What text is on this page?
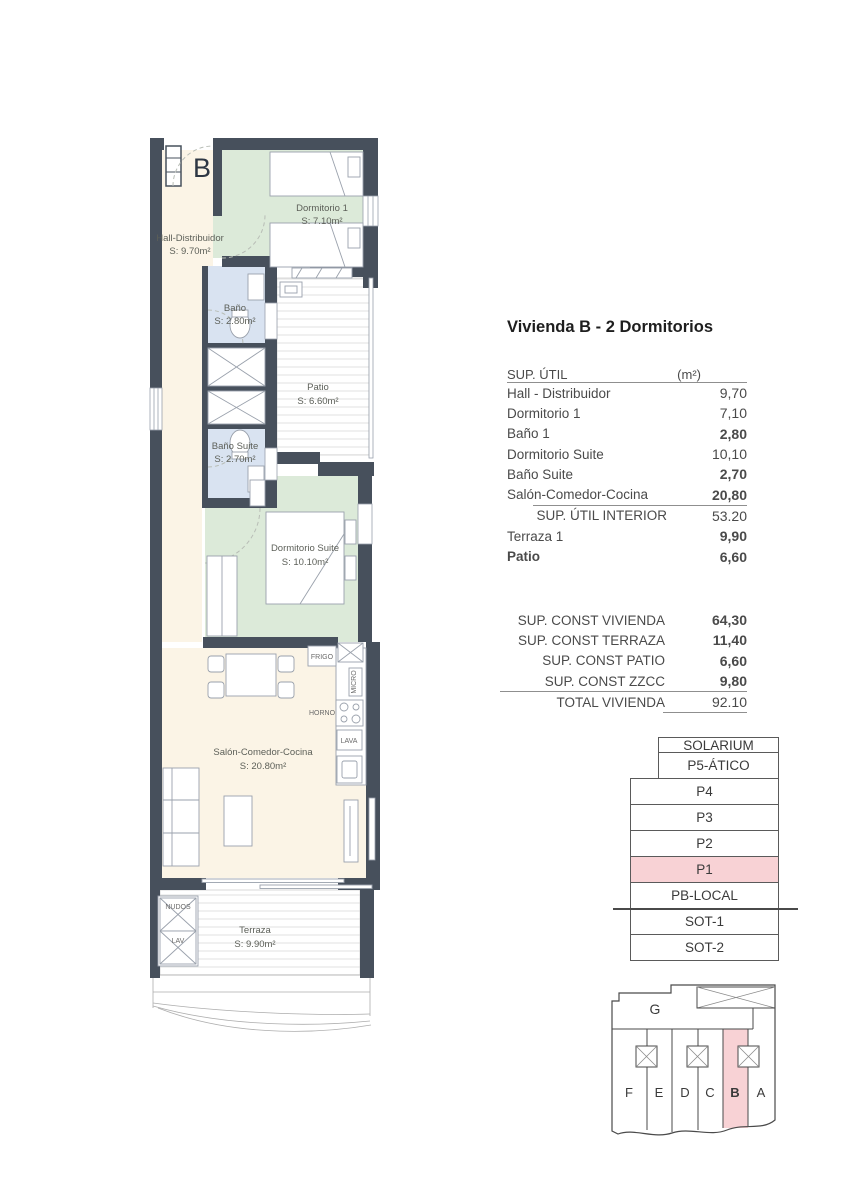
B
Dormitorio 1
S: 7.10m²
Hall-Distribuidor
S: 9.70m²
Baño
S: 2.80m²
Patio
S: 6.60m²
Baño Suite
S: 2.70m²
Dormitorio Suite
S: 10.10m²
Salón-Comedor-Cocina
S: 20.80m²
Terraza
S: 9.90m²
FRIGO
MICRO
HORNO
LAVA
NUDOS
LAV
G
F E D C B A
Vivienda B - 2 Dormitorios
SUP. ÚTIL	(m²)
Hall - Distribuidor	9,70
Dormitorio 1	7,10
Baño 1	2,80
Dormitorio Suite	10,10
Baño Suite	2,70
Salón-Comedor-Cocina	20,80
SUP. ÚTIL INTERIOR	53.20
Terraza 1	9,90
Patio	6,60
SUP. CONST VIVIENDA	64,30
SUP. CONST TERRAZA	11,40
SUP. CONST PATIO	6,60
SUP. CONST ZZCC	9,80
TOTAL VIVIENDA	92.10
SOLARIUM
P5-ÁTICO
P4
P3
P2
P1
PB-LOCAL
SOT-1
SOT-2
